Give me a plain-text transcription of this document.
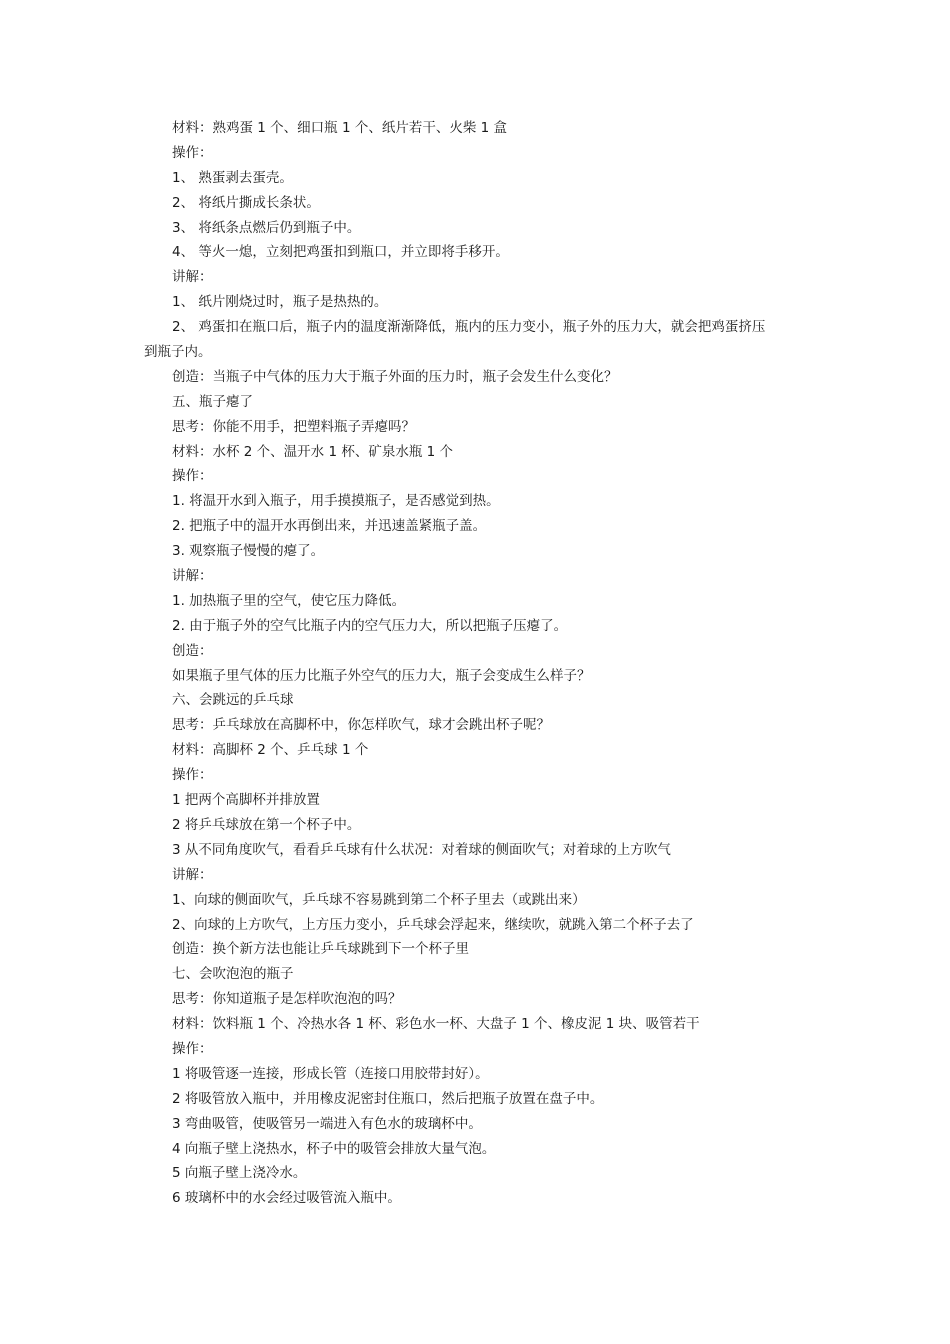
材料：熟鸡蛋 1 个、细口瓶 1 个、纸片若干、火柴 1 盒
操作：
1、 熟蛋剥去蛋壳。
2、 将纸片撕成长条状。
3、 将纸条点燃后仍到瓶子中。
4、 等火一熄，立刻把鸡蛋扣到瓶口，并立即将手移开。
讲解：
1、 纸片刚烧过时，瓶子是热热的。
2、 鸡蛋扣在瓶口后，瓶子内的温度渐渐降低，瓶内的压力变小，瓶子外的压力大，就会把鸡蛋挤压
到瓶子内。
创造：当瓶子中气体的压力大于瓶子外面的压力时，瓶子会发生什么变化？
五、瓶子瘪了
思考：你能不用手，把塑料瓶子弄瘪吗？
材料：水杯 2 个、温开水 1 杯、矿泉水瓶 1 个
操作：
1. 将温开水到入瓶子，用手摸摸瓶子，是否感觉到热。
2. 把瓶子中的温开水再倒出来，并迅速盖紧瓶子盖。
3. 观察瓶子慢慢的瘪了。
讲解：
1. 加热瓶子里的空气，使它压力降低。
2. 由于瓶子外的空气比瓶子内的空气压力大，所以把瓶子压瘪了。
创造：
如果瓶子里气体的压力比瓶子外空气的压力大，瓶子会变成生么样子？
六、会跳远的乒乓球
思考：乒乓球放在高脚杯中，你怎样吹气，球才会跳出杯子呢？
材料：高脚杯 2 个、乒乓球 1 个
操作：
1 把两个高脚杯并排放置
2 将乒乓球放在第一个杯子中。
3 从不同角度吹气，看看乒乓球有什么状况：对着球的侧面吹气；对着球的上方吹气
讲解：
1、向球的侧面吹气，乒乓球不容易跳到第二个杯子里去（或跳出来）
2、向球的上方吹气，上方压力变小，乒乓球会浮起来，继续吹，就跳入第二个杯子去了
创造：换个新方法也能让乒乓球跳到下一个杯子里
七、会吹泡泡的瓶子
思考：你知道瓶子是怎样吹泡泡的吗？
材料：饮料瓶 1 个、冷热水各 1 杯、彩色水一杯、大盘子 1 个、橡皮泥 1 块、吸管若干
操作：
1 将吸管逐一连接，形成长管（连接口用胶带封好）。
2 将吸管放入瓶中，并用橡皮泥密封住瓶口，然后把瓶子放置在盘子中。
3 弯曲吸管，使吸管另一端进入有色水的玻璃杯中。
4 向瓶子壁上浇热水，杯子中的吸管会排放大量气泡。
5 向瓶子壁上浇冷水。
6 玻璃杯中的水会经过吸管流入瓶中。
